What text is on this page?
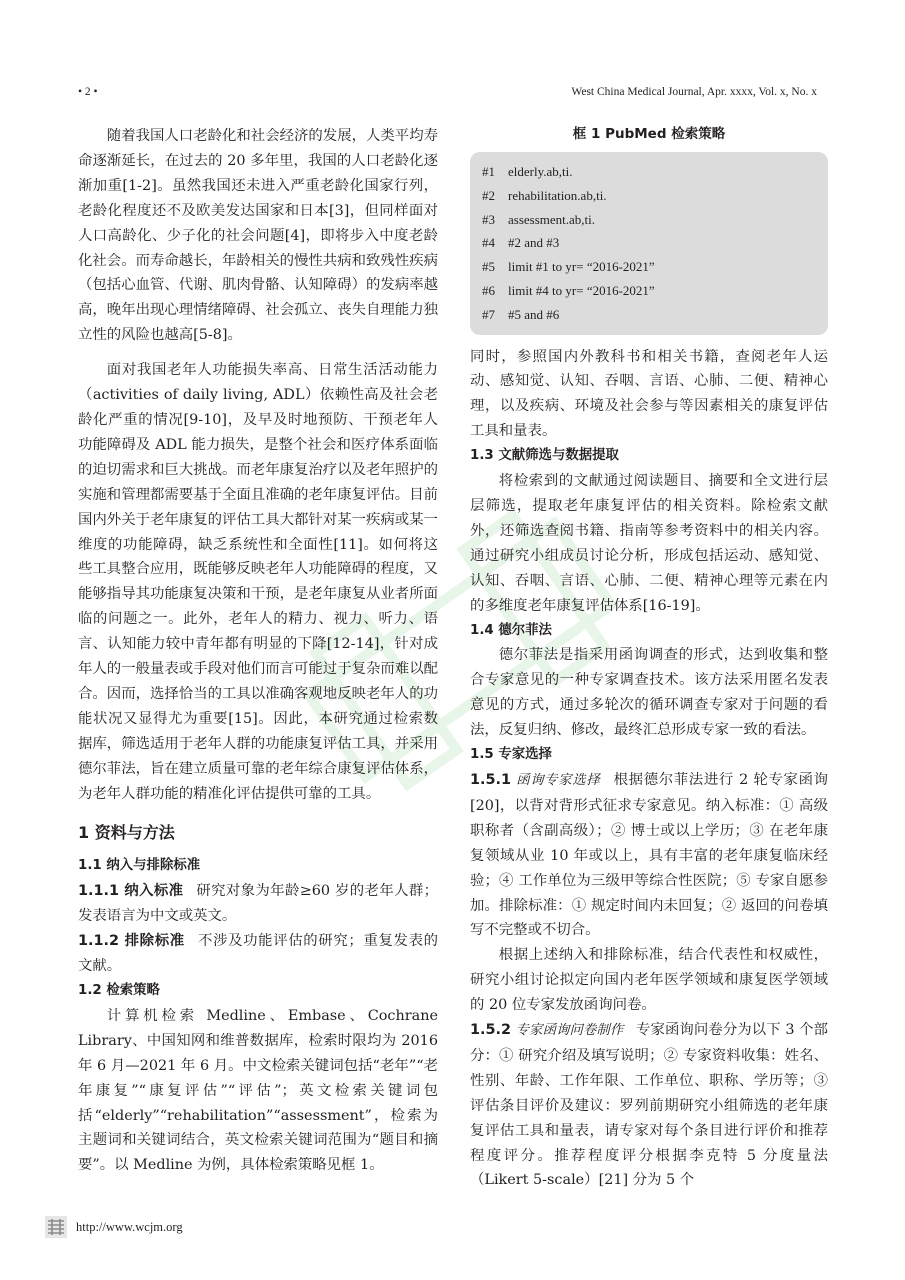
• 2 •	West China Medical Journal, Apr. xxxx, Vol. x, No. x

随着我国人口老龄化和社会经济的发展，人类平均寿命逐渐延长，在过去的 20 多年里，我国的人口老龄化逐渐加重[1-2]。虽然我国还未进入严重老龄化国家行列，老龄化程度还不及欧美发达国家和日本[3]，但同样面对人口高龄化、少子化的社会问题[4]，即将步入中度老龄化社会。而寿命越长，年龄相关的慢性共病和致残性疾病（包括心血管、代谢、肌肉骨骼、认知障碍）的发病率越高，晚年出现心理情绪障碍、社会孤立、丧失自理能力独立性的风险也越高[5-8]。

面对我国老年人功能损失率高、日常生活活动能力（activities of daily living, ADL）依赖性高及社会老龄化严重的情况[9-10]，及早及时地预防、干预老年人功能障碍及 ADL 能力损失，是整个社会和医疗体系面临的迫切需求和巨大挑战。而老年康复治疗以及老年照护的实施和管理都需要基于全面且准确的老年康复评估。目前国内外关于老年康复的评估工具大都针对某一疾病或某一维度的功能障碍，缺乏系统性和全面性[11]。如何将这些工具整合应用，既能够反映老年人功能障碍的程度，又能够指导其功能康复决策和干预，是老年康复从业者所面临的问题之一。此外，老年人的精力、视力、听力、语言、认知能力较中青年都有明显的下降[12-14]，针对成年人的一般量表或手段对他们而言可能过于复杂而难以配合。因而，选择恰当的工具以准确客观地反映老年人的功能状况又显得尤为重要[15]。因此，本研究通过检索数据库，筛选适用于老年人群的功能康复评估工具，并采用德尔菲法，旨在建立质量可靠的老年综合康复评估体系，为老年人群功能的精准化评估提供可靠的工具。

1 资料与方法
1.1 纳入与排除标准

1.1.1 纳入标准 研究对象为年龄≥60 岁的老年人群；发表语言为中文或英文。

1.1.2 排除标准 不涉及功能评估的研究；重复发表的文献。

1.2 检索策略

计算机检索 Medline、Embase、Cochrane Library、中国知网和维普数据库，检索时限均为 2016 年 6 月—2021 年 6 月。中文检索关键词包括“老年”“老年康复”“康复评估”“评估”；英文检索关键词包括“elderly”“rehabilitation”“assessment”，检索为主题词和关键词结合，英文检索关键词范围为“题目和摘要”。以 Medline 为例，具体检索策略见框 1。

框 1 PubMed 检索策略
#1	elderly.ab,ti.
#2	rehabilitation.ab,ti.
#3	assessment.ab,ti.
#4	#2 and #3
#5	limit #1 to yr= “2016-2021”
#6	limit #4 to yr= “2016-2021”
#7	#5 and #6

同时，参照国内外教科书和相关书籍，查阅老年人运动、感知觉、认知、吞咽、言语、心肺、二便、精神心理，以及疾病、环境及社会参与等因素相关的康复评估工具和量表。

1.3 文献筛选与数据提取

将检索到的文献通过阅读题目、摘要和全文进行层层筛选，提取老年康复评估的相关资料。除检索文献外，还筛选查阅书籍、指南等参考资料中的相关内容。通过研究小组成员讨论分析，形成包括运动、感知觉、认知、吞咽、言语、心肺、二便、精神心理等元素在内的多维度老年康复评估体系[16-19]。

1.4 德尔菲法

德尔菲法是指采用函询调查的形式，达到收集和整合专家意见的一种专家调查技术。该方法采用匿名发表意见的方式，通过多轮次的循环调查专家对于问题的看法，反复归纳、修改，最终汇总形成专家一致的看法。

1.5 专家选择

1.5.1 函询专家选择 根据德尔菲法进行 2 轮专家函询[20]，以背对背形式征求专家意见。纳入标准：① 高级职称者（含副高级）；② 博士或以上学历；③ 在老年康复领域从业 10 年或以上，具有丰富的老年康复临床经验；④ 工作单位为三级甲等综合性医院；⑤ 专家自愿参加。排除标准：① 规定时间内未回复；② 返回的问卷填写不完整或不切合。

根据上述纳入和排除标准，结合代表性和权威性，研究小组讨论拟定向国内老年医学领域和康复医学领域的 20 位专家发放函询问卷。

1.5.2 专家函询问卷制作 专家函询问卷分为以下 3 个部分：① 研究介绍及填写说明；② 专家资料收集：姓名、性别、年龄、工作年限、工作单位、职称、学历等；③ 评估条目评价及建议：罗列前期研究小组筛选的老年康复评估工具和量表，请专家对每个条目进行评价和推荐程度评分。推荐程度评分根据李克特 5 分度量法（Likert 5-scale）[21] 分为 5 个

http://www.wcjm.org
